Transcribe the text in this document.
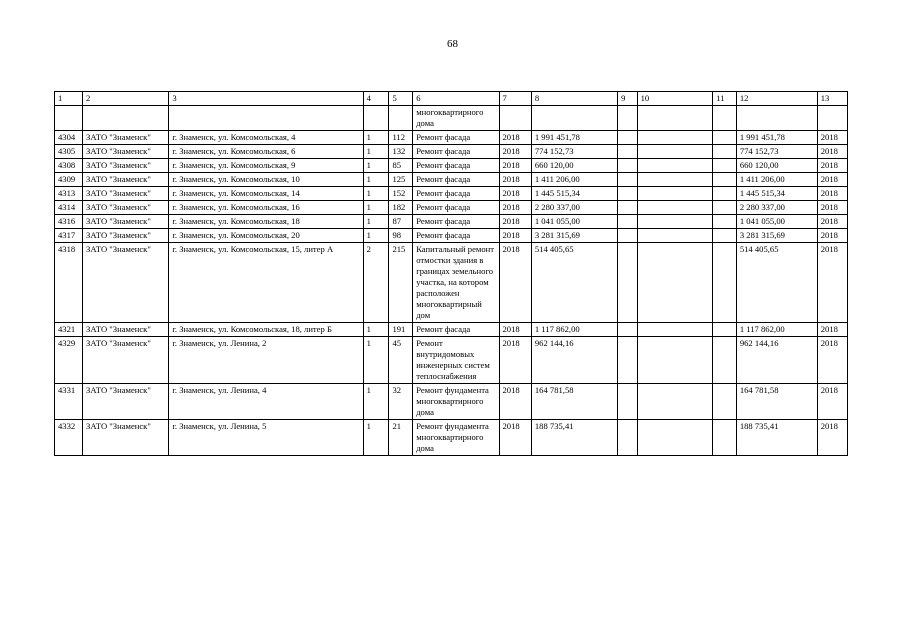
68
1	2	3	4	5	6	7	8	9	10	11	12	13
					многоквартирного дома							
4304	ЗАТО "Знаменск"	г. Знаменск, ул. Комсомольская, 4	1	112	Ремонт фасада	2018	1 991 451,78				1 991 451,78	2018
4305	ЗАТО "Знаменск"	г. Знаменск, ул. Комсомольская, 6	1	132	Ремонт фасада	2018	774 152,73				774 152,73	2018
4308	ЗАТО "Знаменск"	г. Знаменск, ул. Комсомольская, 9	1	85	Ремонт фасада	2018	660 120,00				660 120,00	2018
4309	ЗАТО "Знаменск"	г. Знаменск, ул. Комсомольская, 10	1	125	Ремонт фасада	2018	1 411 206,00				1 411 206,00	2018
4313	ЗАТО "Знаменск"	г. Знаменск, ул. Комсомольская, 14	1	152	Ремонт фасада	2018	1 445 515,34				1 445 515,34	2018
4314	ЗАТО "Знаменск"	г. Знаменск, ул. Комсомольская, 16	1	182	Ремонт фасада	2018	2 280 337,00				2 280 337,00	2018
4316	ЗАТО "Знаменск"	г. Знаменск, ул. Комсомольская, 18	1	87	Ремонт фасада	2018	1 041 055,00				1 041 055,00	2018
4317	ЗАТО "Знаменск"	г. Знаменск, ул. Комсомольская, 20	1	98	Ремонт фасада	2018	3 281 315,69				3 281 315,69	2018
4318	ЗАТО "Знаменск"	г. Знаменск, ул. Комсомольская, 15, литер А	2	215	Капитальный ремонт отмостки здания в границах земельного участка, на котором расположен многоквартирный дом	2018	514 405,65				514 405,65	2018
4321	ЗАТО "Знаменск"	г. Знаменск, ул. Комсомольская, 18, литер Б	1	191	Ремонт фасада	2018	1 117 862,00				1 117 862,00	2018
4329	ЗАТО "Знаменск"	г. Знаменск, ул. Ленина, 2	1	45	Ремонт внутридомовых инженерных систем теплоснабжения	2018	962 144,16				962 144,16	2018
4331	ЗАТО "Знаменск"	г. Знаменск, ул. Ленина, 4	1	32	Ремонт фундамента многоквартирного дома	2018	164 781,58				164 781,58	2018
4332	ЗАТО "Знаменск"	г. Знаменск, ул. Ленина, 5	1	21	Ремонт фундамента многоквартирного дома	2018	188 735,41				188 735,41	2018
